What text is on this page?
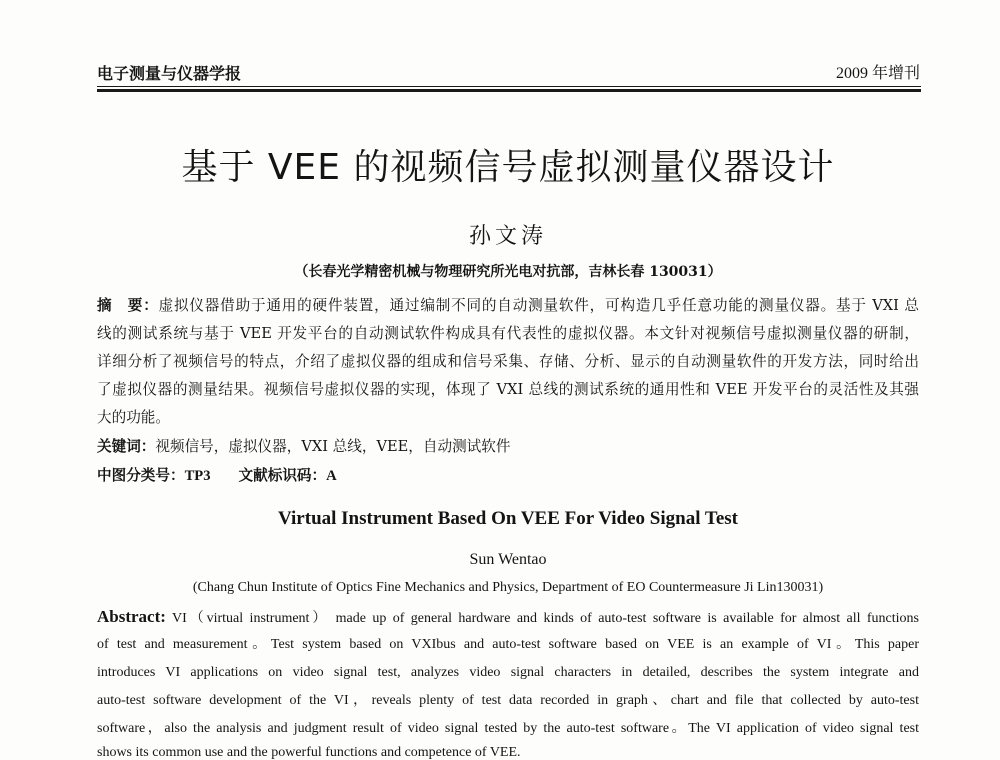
电子测量与仪器学报	2009 年增刊
基于 VEE 的视频信号虚拟测量仪器设计
孙文涛
（长春光学精密机械与物理研究所光电对抗部，吉林长春 130031）
摘　要：虚拟仪器借助于通用的硬件装置，通过编制不同的自动测量软件，可构造几乎任意功能的测量仪器。基于 VXI 总
线的测试系统与基于 VEE 开发平台的自动测试软件构成具有代表性的虚拟仪器。本文针对视频信号虚拟测量仪器的研制，
详细分析了视频信号的特点，介绍了虚拟仪器的组成和信号采集、存储、分析、显示的自动测量软件的开发方法，同时给出
了虚拟仪器的测量结果。视频信号虚拟仪器的实现，体现了 VXI 总线的测试系统的通用性和 VEE 开发平台的灵活性及其强
大的功能。
关键词：视频信号，虚拟仪器，VXI 总线，VEE，自动测试软件
中图分类号：TP3 文献标识码：A
Virtual Instrument Based On VEE For Video Signal Test
Sun Wentao
(Chang Chun Institute of Optics Fine Mechanics and Physics, Department of EO Countermeasure Ji Lin130031)
Abstract: VI（virtual instrument） made up of general hardware and kinds of auto-test software is available for almost all functions
of test and measurement。Test system based on VXIbus and auto-test software based on VEE is an example of VI。This paper
introduces VI applications on video signal test, analyzes video signal characters in detailed, describes the system integrate and
auto-test software development of the VI，reveals plenty of test data recorded in graph、chart and file that collected by auto-test
software，also the analysis and judgment result of video signal tested by the auto-test software。The VI application of video signal test
shows its common use and the powerful functions and competence of VEE.
